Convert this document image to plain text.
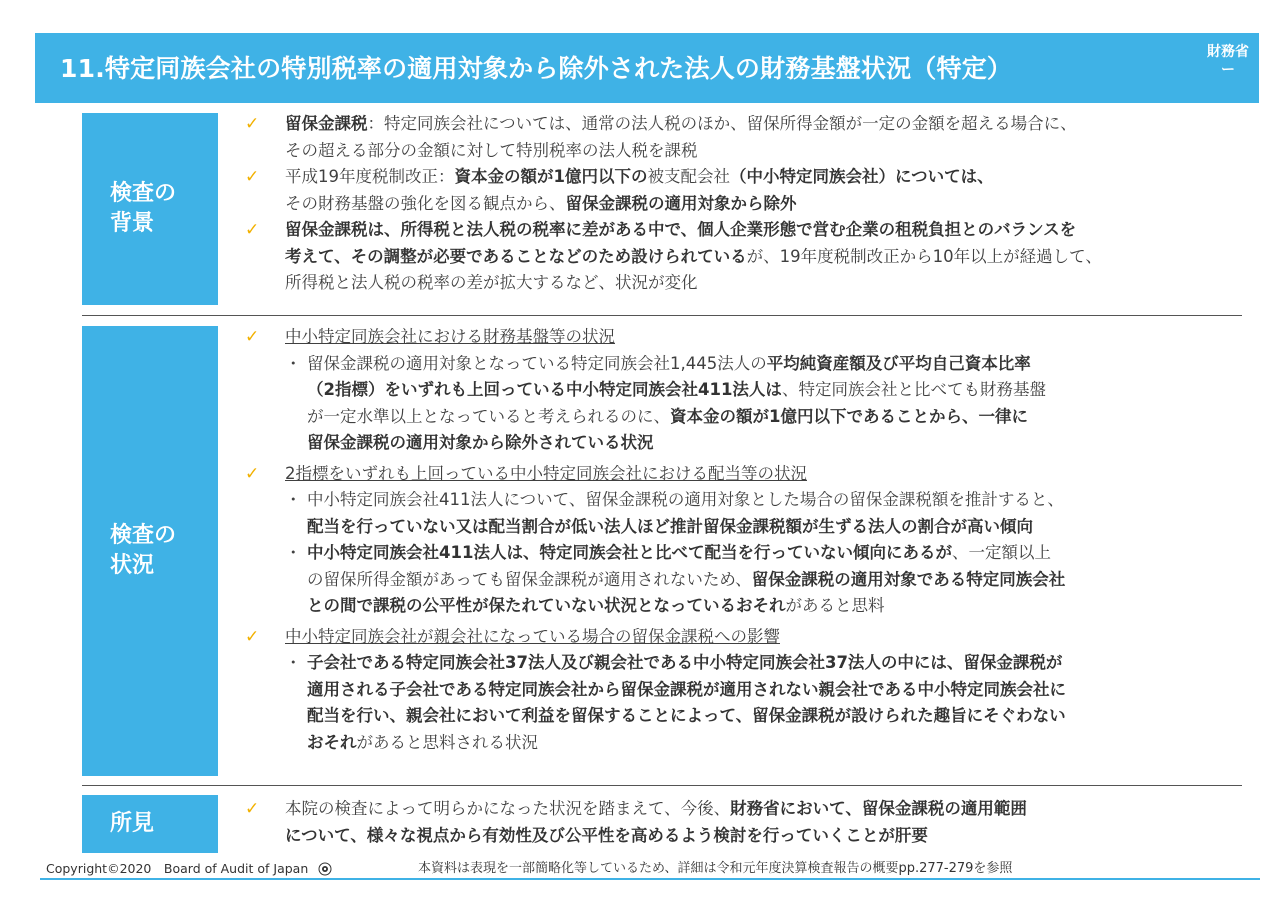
11.特定同族会社の特別税率の適用対象から除外された法人の財務基盤状況（特定）
財務省
ー
検査の
背景
検査の
状況
所見
✓ 留保金課税：特定同族会社については、通常の法人税のほか、留保所得金額が一定の金額を超える場合に、
その超える部分の金額に対して特別税率の法人税を課税
✓ 平成19年度税制改正：資本金の額が1億円以下の被支配会社（中小特定同族会社）については、
その財務基盤の強化を図る観点から、留保金課税の適用対象から除外
✓ 留保金課税は、所得税と法人税の税率に差がある中で、個人企業形態で営む企業の租税負担とのバランスを
考えて、その調整が必要であることなどのため設けられているが、19年度税制改正から10年以上が経過して、
所得税と法人税の税率の差が拡大するなど、状況が変化
✓ 中小特定同族会社における財務基盤等の状況
・ 留保金課税の適用対象となっている特定同族会社1,445法人の平均純資産額及び平均自己資本比率
（2指標）をいずれも上回っている中小特定同族会社411法人は、特定同族会社と比べても財務基盤
が一定水準以上となっていると考えられるのに、資本金の額が1億円以下であることから、一律に
留保金課税の適用対象から除外されている状況
✓ 2指標をいずれも上回っている中小特定同族会社における配当等の状況
・ 中小特定同族会社411法人について、留保金課税の適用対象とした場合の留保金課税額を推計すると、
配当を行っていない又は配当割合が低い法人ほど推計留保金課税額が生ずる法人の割合が高い傾向
・ 中小特定同族会社411法人は、特定同族会社と比べて配当を行っていない傾向にあるが、一定額以上
の留保所得金額があっても留保金課税が適用されないため、留保金課税の適用対象である特定同族会社
との間で課税の公平性が保たれていない状況となっているおそれがあると思料
✓ 中小特定同族会社が親会社になっている場合の留保金課税への影響
・ 子会社である特定同族会社37法人及び親会社である中小特定同族会社37法人の中には、留保金課税が
適用される子会社である特定同族会社から留保金課税が適用されない親会社である中小特定同族会社に
配当を行い、親会社において利益を留保することによって、留保金課税が設けられた趣旨にそぐわない
おそれがあると思料される状況
✓ 本院の検査によって明らかになった状況を踏まえて、今後、財務省において、留保金課税の適用範囲
について、様々な視点から有効性及び公平性を高めるよう検討を行っていくことが肝要
Copyright©2020　Board of Audit of Japan	本資料は表現を一部簡略化等しているため、詳細は令和元年度決算検査報告の概要pp.277-279を参照
